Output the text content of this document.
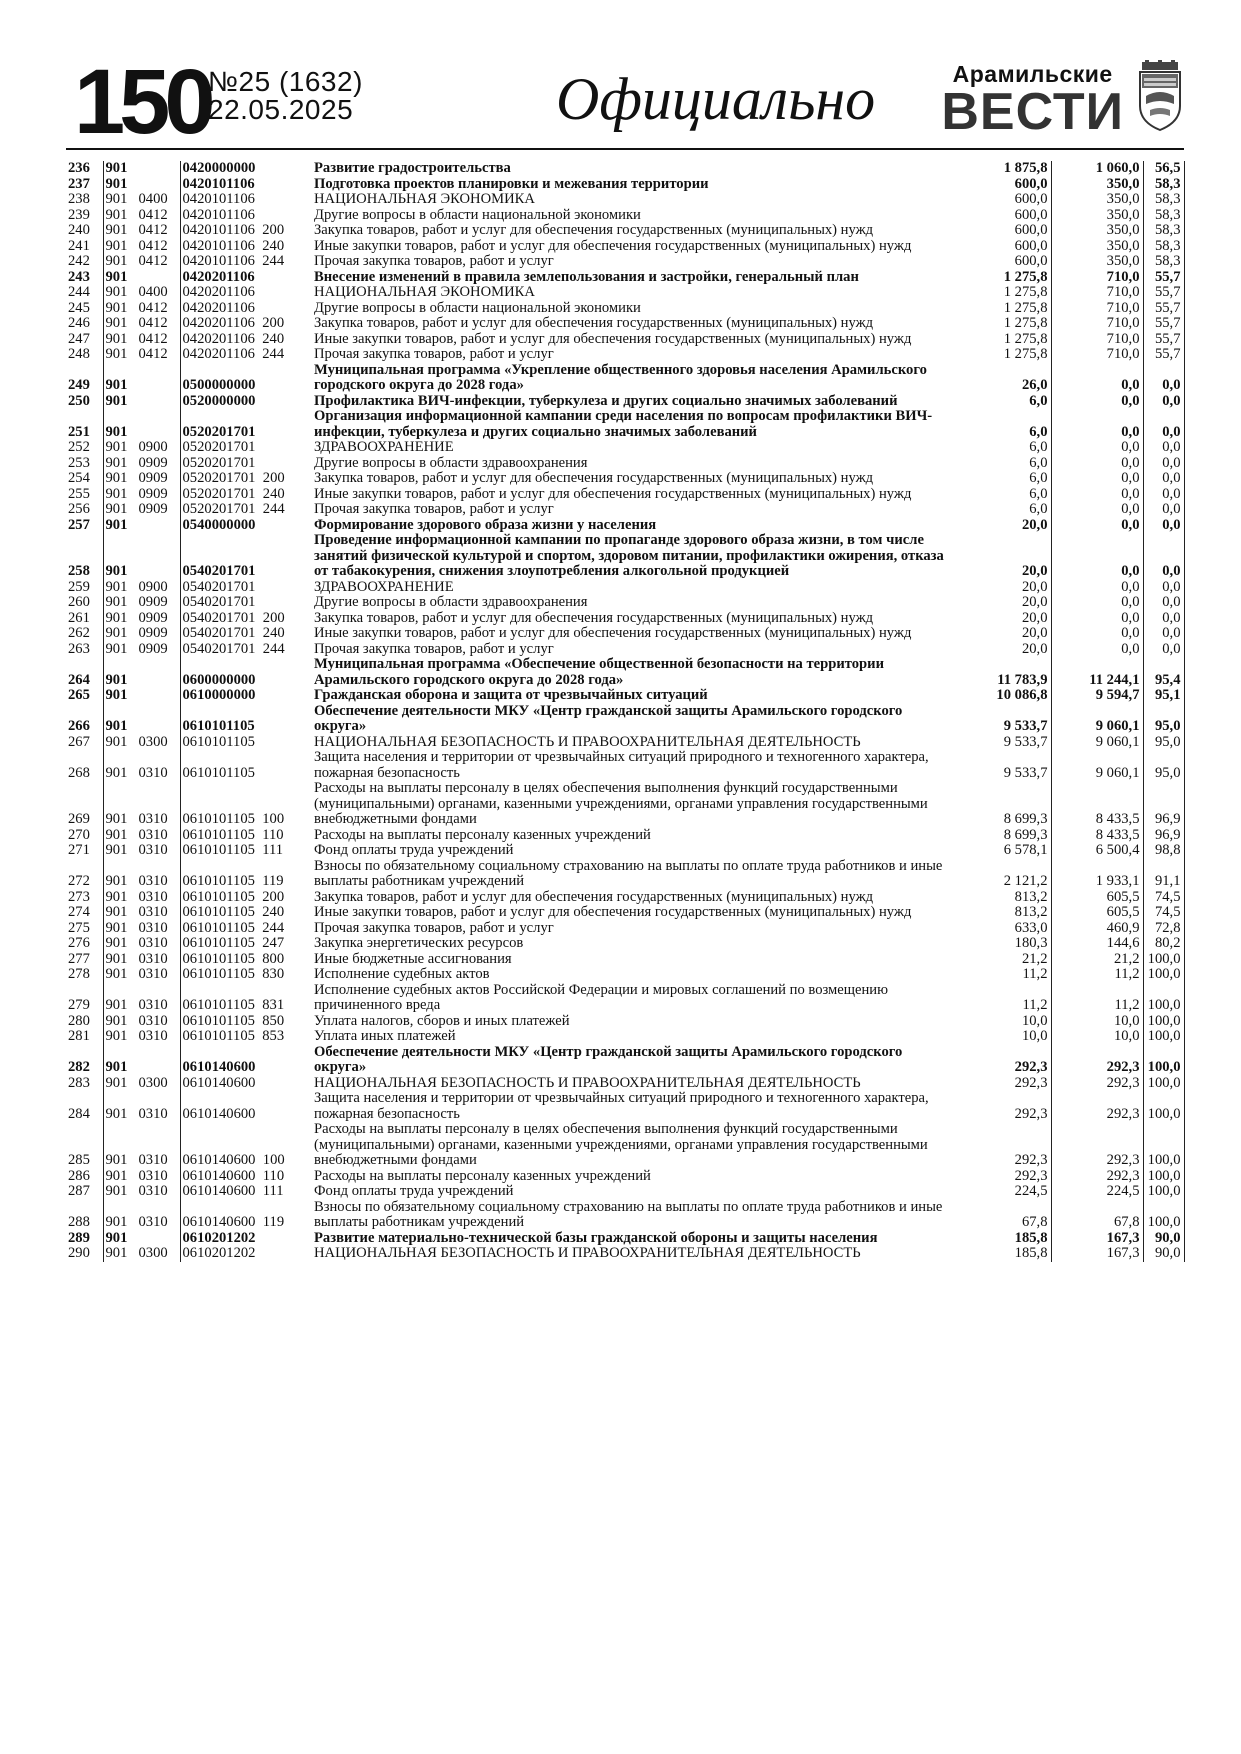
150
№25 (1632)
22.05.2025	Официально	Арамильские
ВЕСТИ
236	901	0420000000	Развитие градостроительства	1 875,8	1 060,0	56,5
237	901	0420101106	Подготовка проектов планировки и межевания территории	600,0	350,0	58,3
238	901 0400	0420101106	НАЦИОНАЛЬНАЯ ЭКОНОМИКА	600,0	350,0	58,3
239	901 0412	0420101106	Другие вопросы в области национальной экономики	600,0	350,0	58,3
240	901 0412	0420101106 200	Закупка товаров, работ и услуг для обеспечения государственных (муниципальных) нужд	600,0	350,0	58,3
241	901 0412	0420101106 240	Иные закупки товаров, работ и услуг для обеспечения государственных (муниципальных) нужд	600,0	350,0	58,3
242	901 0412	0420101106 244	Прочая закупка товаров, работ и услуг	600,0	350,0	58,3
243	901	0420201106	Внесение изменений в правила землепользования и застройки, генеральный план	1 275,8	710,0	55,7
244	901 0400	0420201106	НАЦИОНАЛЬНАЯ ЭКОНОМИКА	1 275,8	710,0	55,7
245	901 0412	0420201106	Другие вопросы в области национальной экономики	1 275,8	710,0	55,7
246	901 0412	0420201106 200	Закупка товаров, работ и услуг для обеспечения государственных (муниципальных) нужд	1 275,8	710,0	55,7
247	901 0412	0420201106 240	Иные закупки товаров, работ и услуг для обеспечения государственных (муниципальных) нужд	1 275,8	710,0	55,7
248	901 0412	0420201106 244	Прочая закупка товаров, работ и услуг	1 275,8	710,0	55,7
249	901	0500000000	Муниципальная программа «Укрепление общественного здоровья населения Арамильского городского округа до 2028 года»	26,0	0,0	0,0
250	901	0520000000	Профилактика ВИЧ-инфекции, туберкулеза и других социально значимых заболеваний	6,0	0,0	0,0
251	901	0520201701	Организация информационной кампании среди населения по вопросам профилактики ВИЧ-инфекции, туберкулеза и других социально значимых заболеваний	6,0	0,0	0,0
252	901 0900	0520201701	ЗДРАВООХРАНЕНИЕ	6,0	0,0	0,0
253	901 0909	0520201701	Другие вопросы в области здравоохранения	6,0	0,0	0,0
254	901 0909	0520201701 200	Закупка товаров, работ и услуг для обеспечения государственных (муниципальных) нужд	6,0	0,0	0,0
255	901 0909	0520201701 240	Иные закупки товаров, работ и услуг для обеспечения государственных (муниципальных) нужд	6,0	0,0	0,0
256	901 0909	0520201701 244	Прочая закупка товаров, работ и услуг	6,0	0,0	0,0
257	901	0540000000	Формирование здорового образа жизни у населения	20,0	0,0	0,0
258	901	0540201701	Проведение информационной кампании по пропаганде здорового образа жизни, в том числе занятий физической культурой и спортом, здоровом питании, профилактики ожирения, отказа от табакокурения, снижения злоупотребления алкогольной продукцией	20,0	0,0	0,0
259	901 0900	0540201701	ЗДРАВООХРАНЕНИЕ	20,0	0,0	0,0
260	901 0909	0540201701	Другие вопросы в области здравоохранения	20,0	0,0	0,0
261	901 0909	0540201701 200	Закупка товаров, работ и услуг для обеспечения государственных (муниципальных) нужд	20,0	0,0	0,0
262	901 0909	0540201701 240	Иные закупки товаров, работ и услуг для обеспечения государственных (муниципальных) нужд	20,0	0,0	0,0
263	901 0909	0540201701 244	Прочая закупка товаров, работ и услуг	20,0	0,0	0,0
264	901	0600000000	Муниципальная программа «Обеспечение общественной безопасности на территории Арамильского городского округа до 2028 года»	11 783,9	11 244,1	95,4
265	901	0610000000	Гражданская оборона и защита от чрезвычайных ситуаций	10 086,8	9 594,7	95,1
266	901	0610101105	Обеспечение деятельности МКУ «Центр гражданской защиты Арамильского городского округа»	9 533,7	9 060,1	95,0
267	901 0300	0610101105	НАЦИОНАЛЬНАЯ БЕЗОПАСНОСТЬ И ПРАВООХРАНИТЕЛЬНАЯ ДЕЯТЕЛЬНОСТЬ	9 533,7	9 060,1	95,0
268	901 0310	0610101105	Защита населения и территории от чрезвычайных ситуаций природного и техногенного характера, пожарная безопасность	9 533,7	9 060,1	95,0
269	901 0310	0610101105 100	Расходы на выплаты персоналу в целях обеспечения выполнения функций государственными (муниципальными) органами, казенными учреждениями, органами управления государственными внебюджетными фондами	8 699,3	8 433,5	96,9
270	901 0310	0610101105 110	Расходы на выплаты персоналу казенных учреждений	8 699,3	8 433,5	96,9
271	901 0310	0610101105 111	Фонд оплаты труда учреждений	6 578,1	6 500,4	98,8
272	901 0310	0610101105 119	Взносы по обязательному социальному страхованию на выплаты по оплате труда работников и иные выплаты работникам учреждений	2 121,2	1 933,1	91,1
273	901 0310	0610101105 200	Закупка товаров, работ и услуг для обеспечения государственных (муниципальных) нужд	813,2	605,5	74,5
274	901 0310	0610101105 240	Иные закупки товаров, работ и услуг для обеспечения государственных (муниципальных) нужд	813,2	605,5	74,5
275	901 0310	0610101105 244	Прочая закупка товаров, работ и услуг	633,0	460,9	72,8
276	901 0310	0610101105 247	Закупка энергетических ресурсов	180,3	144,6	80,2
277	901 0310	0610101105 800	Иные бюджетные ассигнования	21,2	21,2	100,0
278	901 0310	0610101105 830	Исполнение судебных актов	11,2	11,2	100,0
279	901 0310	0610101105 831	Исполнение судебных актов Российской Федерации и мировых соглашений по возмещению причиненного вреда	11,2	11,2	100,0
280	901 0310	0610101105 850	Уплата налогов, сборов и иных платежей	10,0	10,0	100,0
281	901 0310	0610101105 853	Уплата иных платежей	10,0	10,0	100,0
282	901	0610140600	Обеспечение деятельности МКУ «Центр гражданской защиты Арамильского городского округа»	292,3	292,3	100,0
283	901 0300	0610140600	НАЦИОНАЛЬНАЯ БЕЗОПАСНОСТЬ И ПРАВООХРАНИТЕЛЬНАЯ ДЕЯТЕЛЬНОСТЬ	292,3	292,3	100,0
284	901 0310	0610140600	Защита населения и территории от чрезвычайных ситуаций природного и техногенного характера, пожарная безопасность	292,3	292,3	100,0
285	901 0310	0610140600 100	Расходы на выплаты персоналу в целях обеспечения выполнения функций государственными (муниципальными) органами, казенными учреждениями, органами управления государственными внебюджетными фондами	292,3	292,3	100,0
286	901 0310	0610140600 110	Расходы на выплаты персоналу казенных учреждений	292,3	292,3	100,0
287	901 0310	0610140600 111	Фонд оплаты труда учреждений	224,5	224,5	100,0
288	901 0310	0610140600 119	Взносы по обязательному социальному страхованию на выплаты по оплате труда работников и иные выплаты работникам учреждений	67,8	67,8	100,0
289	901	0610201202	Развитие материально-технической базы гражданской обороны и защиты населения	185,8	167,3	90,0
290	901 0300	0610201202	НАЦИОНАЛЬНАЯ БЕЗОПАСНОСТЬ И ПРАВООХРАНИТЕЛЬНАЯ ДЕЯТЕЛЬНОСТЬ	185,8	167,3	90,0
